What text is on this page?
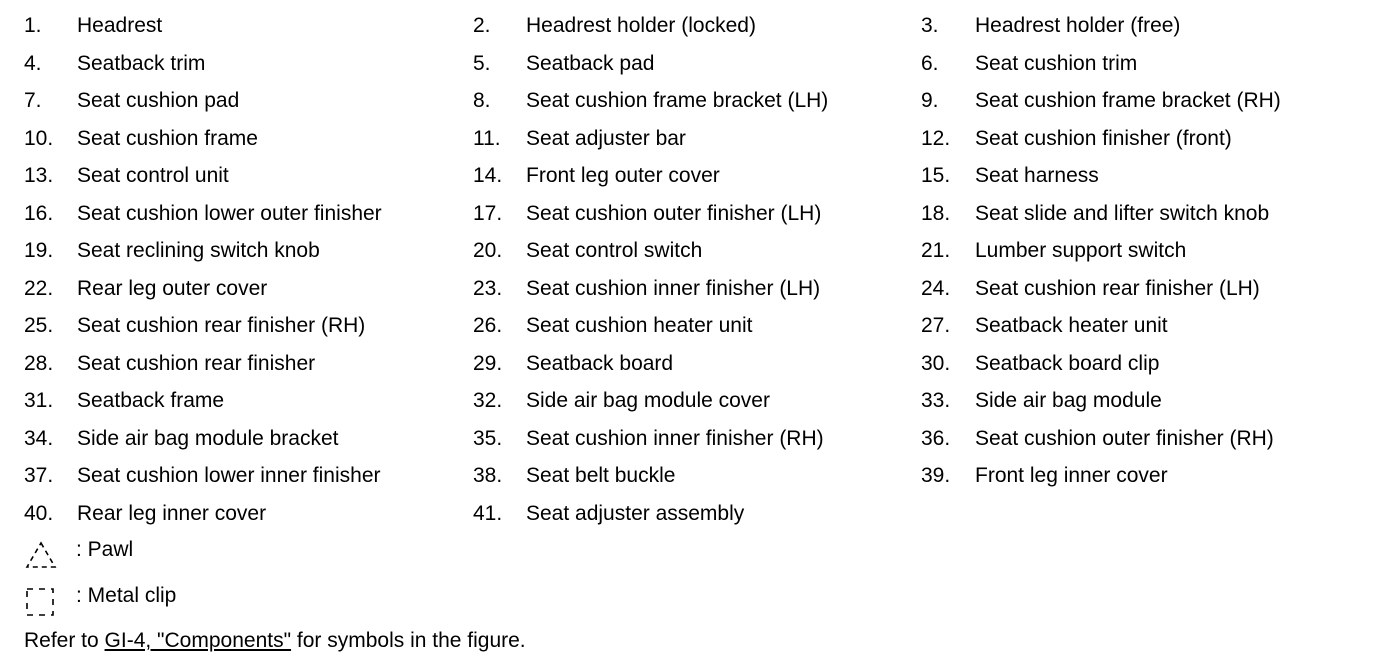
1. Headrest	2. Headrest holder (locked)	3. Headrest holder (free)
4. Seatback trim	5. Seatback pad	6. Seat cushion trim
7. Seat cushion pad	8. Seat cushion frame bracket (LH)	9. Seat cushion frame bracket (RH)
10. Seat cushion frame	11. Seat adjuster bar	12. Seat cushion finisher (front)
13. Seat control unit	14. Front leg outer cover	15. Seat harness
16. Seat cushion lower outer finisher	17. Seat cushion outer finisher (LH)	18. Seat slide and lifter switch knob
19. Seat reclining switch knob	20. Seat control switch	21. Lumber support switch
22. Rear leg outer cover	23. Seat cushion inner finisher (LH)	24. Seat cushion rear finisher (LH)
25. Seat cushion rear finisher (RH)	26. Seat cushion heater unit	27. Seatback heater unit
28. Seat cushion rear finisher	29. Seatback board	30. Seatback board clip
31. Seatback frame	32. Side air bag module cover	33. Side air bag module
34. Side air bag module bracket	35. Seat cushion inner finisher (RH)	36. Seat cushion outer finisher (RH)
37. Seat cushion lower inner finisher	38. Seat belt buckle	39. Front leg inner cover
40. Rear leg inner cover	41. Seat adjuster assembly
: Pawl
: Metal clip
Refer to GI-4, "Components" for symbols in the figure.
